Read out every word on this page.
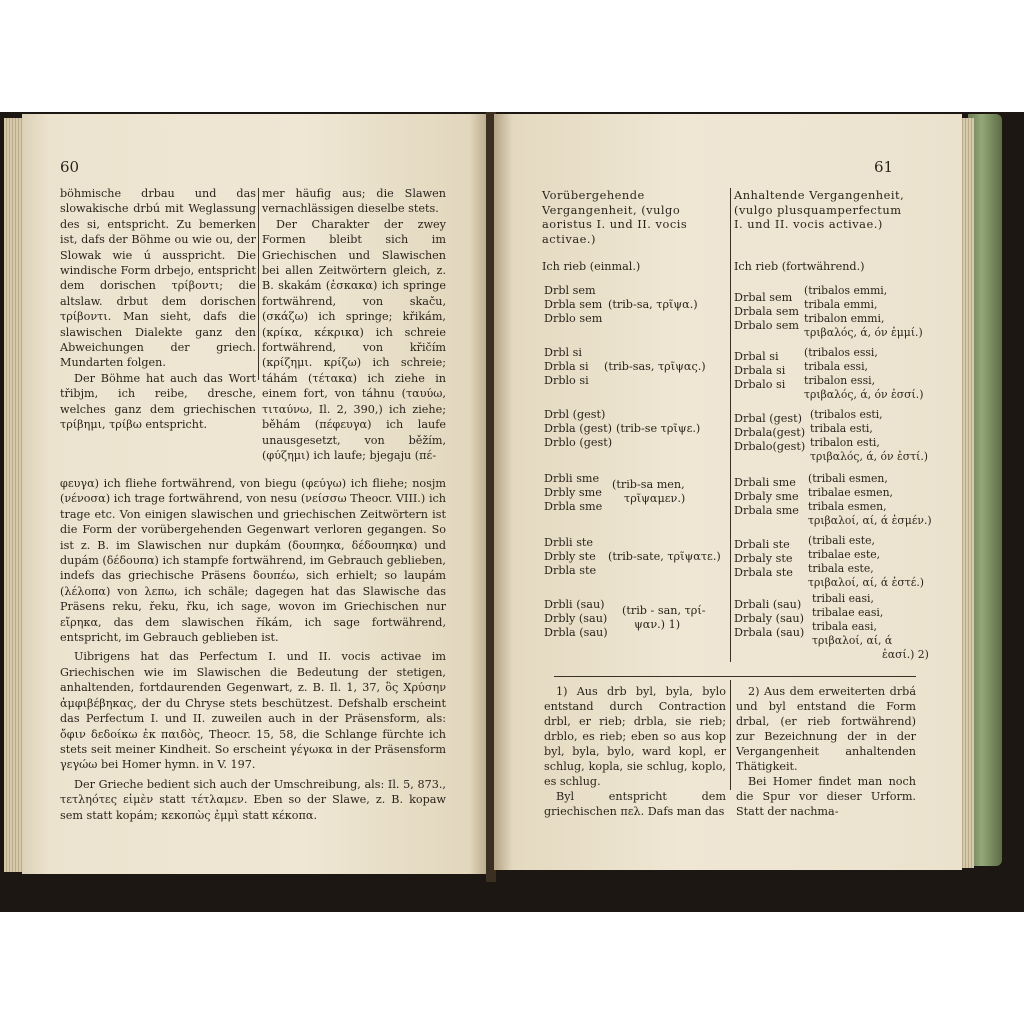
60

böhmische drbau und das slowakische drbú mit Weglassung des si, entspricht. Zu bemerken ist, dafs der Böhme ou wie ou, der Slowak wie ú ausspricht. Die windische Form drbejo, entspricht dem dorischen τρίβοντι; die altslaw. drbut dem dorischen τρίβοντι. Man sieht, dafs die slawischen Dialekte ganz den Abweichungen der griech. Mundarten folgen.

Der Böhme hat auch das Wort třibjm, ich reibe, dresche, welches ganz dem griechischen τρίβημι, τρίβω entspricht.

mer häufig aus; die Slawen vernachlässigen dieselbe stets.

Der Charakter der zwey Formen bleibt sich im Griechischen und Slawischen bei allen Zeitwörtern gleich, z. B. skakám (ἐσκακα) ich springe fortwährend, von skaču, (σκάζω) ich springe; křikám, (κρίκα, κέκρικα) ich schreie fortwährend, von křičím (κρίζημι. κρίζω) ich schreie; táhám (τέτακα) ich ziehe in einem fort, von táhnu (ταυύω, τιταύνω, Il. 2, 390,) ich ziehe; běhám (πέφευγα) ich laufe unausgesetzt, von běžím, (φύζημι) ich laufe; bjegaju (πέ-

φευγα) ich fliehe fortwährend, von biegu (φεύγω) ich fliehe; nosjm (νένοσα) ich trage fortwährend, von nesu (νείσσω Theocr. VIII.) ich trage etc. Von einigen slawischen und griechischen Zeitwörtern ist die Form der vorübergehenden Gegenwart verloren gegangen. So ist z. B. im Slawischen nur dupkám (δουπηκα, δέδουπηκα) und dupám (δέδουπα) ich stampfe fortwährend, im Gebrauch geblieben, indefs das griechische Präsens δουπέω, sich erhielt; so laupám (λέλοπα) von λεπω, ich schäle; dagegen hat das Slawische das Präsens reku, řeku, řku, ich sage, wovon im Griechischen nur εἴρηκα, das dem slawischen říkám, ich sage fortwährend, entspricht, im Gebrauch geblieben ist.

Uibrigens hat das Perfectum I. und II. vocis activae im Griechischen wie im Slawischen die Bedeutung der stetigen, anhaltenden, fortdaurenden Gegenwart, z. B. Il. 1, 37, ὃς Χρύσην ἀμφιβέβηκας, der du Chryse stets beschützest. Defshalb erscheint das Perfectum I. und II. zuweilen auch in der Präsensform, als: ὄφιν δεδοίκω ἐκ παιδὸς, Theocr. 15, 58, die Schlange fürchte ich stets seit meiner Kindheit. So erscheint γέγωκα in der Präsensform γεγώω bei Homer hymn. in V. 197.

Der Grieche bedient sich auch der Umschreibung, als: Il. 5, 873., τετληότες εἰμὲν statt τέτλαμεν. Eben so der Slawe, z. B. kopaw sem statt kopám; κεκοπὼς ἐμμὶ statt κέκοπα.

61
Vorübergehende Vergangenheit, (vulgo aoristus I. und II. vocis activae.)
Anhaltende Vergangenheit, (vulgo plusquamperfectum I. und II. vocis activae.)
Ich rieb (einmal.)	Ich rieb (fortwährend.)
Drbl sem
Drbla sem
Drblo sem
(trib-sa, τρῖψα.)
Drbl si
Drbla si
Drblo si
(trib-sas, τρῖψας.)
Drbl (gest)
Drbla (gest)
Drblo (gest)
(trib-se τρῖψε.)
Drbli sme
Drbly sme
Drbla sme
(trib-sa men,
τρῖψαμεν.)
Drbli ste
Drbly ste
Drbla ste
(trib-sate, τρῖψατε.)
Drbli (sau)
Drbly (sau)
Drbla (sau)
(trib - san, τρί-
ψαν.) 1)
Drbal sem
Drbala sem
Drbalo sem
(tribalos emmi,
tribala emmi,
tribalon emmi,
τριβαλός, ά, όν ἐμμί.)
Drbal si
Drbala si
Drbalo si
(tribalos essi,
tribala essi,
tribalon essi,
τριβαλός, ά, όν ἐσσί.)
Drbal (gest)
Drbala(gest)
Drbalo(gest)
(tribalos esti,
tribala esti,
tribalon esti,
τριβαλός, ά, όν ἐστί.)
Drbali sme
Drbaly sme
Drbala sme
(tribali esmen,
tribalae esmen,
tribala esmen,
τριβαλοί, αί, ά ἐσμέν.)
Drbali ste
Drbaly ste
Drbala ste
(tribali este,
tribalae este,
tribala este,
τριβαλοί, αί, ά ἐστέ.)
Drbali (sau)
Drbaly (sau)
Drbala (sau)
tribali easi,
tribalae easi,
tribala easi,
τριβαλοί, αί, ά
ἐασί.) 2)

1) Aus drb byl, byla, bylo entstand durch Contraction drbl, er rieb; drbla, sie rieb; drblo, es rieb; eben so aus kop byl, byla, bylo, ward kopl, er schlug, kopla, sie schlug, koplo, es schlug.

Byl entspricht dem griechischen πελ. Dafs man das

2) Aus dem erweiterten drbá und byl entstand die Form drbal, (er rieb fortwährend) zur Bezeichnung der in der Vergangenheit anhaltenden Thätigkeit.

Bei Homer findet man noch die Spur vor dieser Urform. Statt der nachma-
